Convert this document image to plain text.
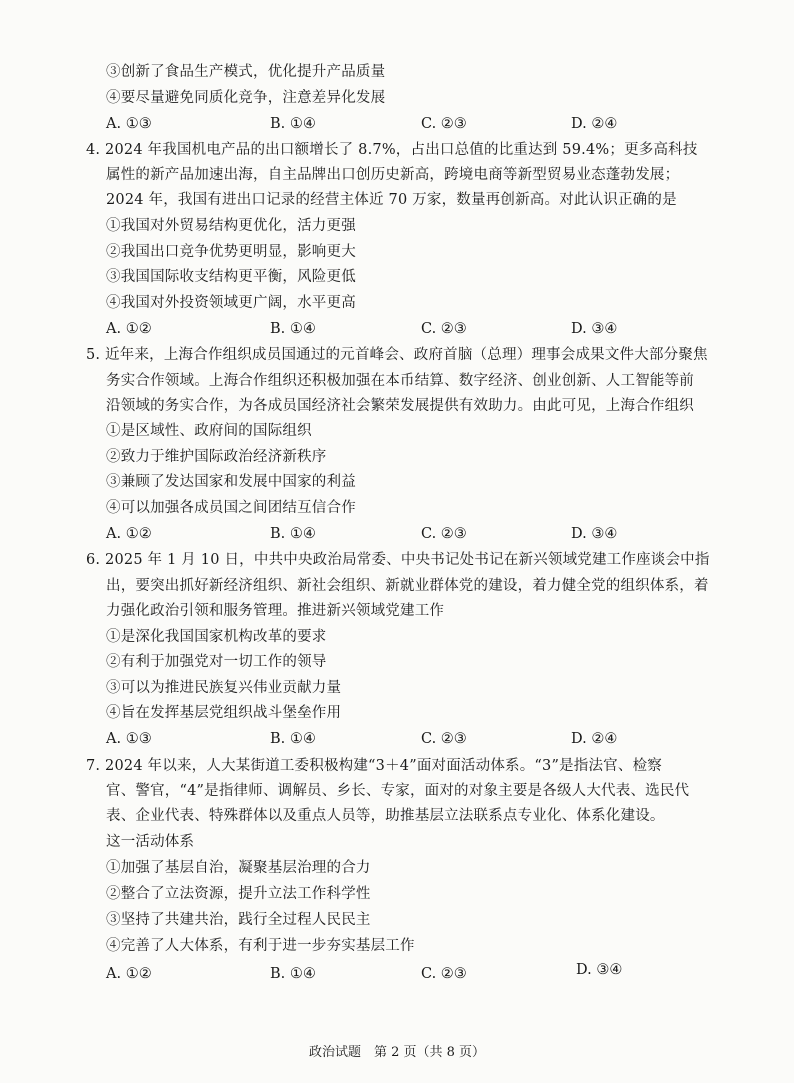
③创新了食品生产模式，优化提升产品质量
④要尽量避免同质化竞争，注意差异化发展
A. ①③	B. ①④	C. ②③	D. ②④
4. 2024 年我国机电产品的出口额增长了 8.7%，占出口总值的比重达到 59.4%；更多高科技
属性的新产品加速出海，自主品牌出口创历史新高，跨境电商等新型贸易业态蓬勃发展；
2024 年，我国有进出口记录的经营主体近 70 万家，数量再创新高。对此认识正确的是
①我国对外贸易结构更优化，活力更强
②我国出口竞争优势更明显，影响更大
③我国国际收支结构更平衡，风险更低
④我国对外投资领域更广阔，水平更高
A. ①②	B. ①④	C. ②③	D. ③④
5. 近年来，上海合作组织成员国通过的元首峰会、政府首脑（总理）理事会成果文件大部分聚焦
务实合作领域。上海合作组织还积极加强在本币结算、数字经济、创业创新、人工智能等前
沿领域的务实合作，为各成员国经济社会繁荣发展提供有效助力。由此可见，上海合作组织
①是区域性、政府间的国际组织
②致力于维护国际政治经济新秩序
③兼顾了发达国家和发展中国家的利益
④可以加强各成员国之间团结互信合作
A. ①②	B. ①④	C. ②③	D. ③④
6. 2025 年 1 月 10 日，中共中央政治局常委、中央书记处书记在新兴领域党建工作座谈会中指
出，要突出抓好新经济组织、新社会组织、新就业群体党的建设，着力健全党的组织体系，着
力强化政治引领和服务管理。推进新兴领域党建工作
①是深化我国国家机构改革的要求
②有利于加强党对一切工作的领导
③可以为推进民族复兴伟业贡献力量
④旨在发挥基层党组织战斗堡垒作用
A. ①③	B. ①④	C. ②③	D. ②④
7. 2024 年以来，人大某街道工委积极构建“3＋4”面对面活动体系。“3”是指法官、检察
官、警官，“4”是指律师、调解员、乡长、专家，面对的对象主要是各级人大代表、选民代
表、企业代表、特殊群体以及重点人员等，助推基层立法联系点专业化、体系化建设。
这一活动体系
①加强了基层自治，凝聚基层治理的合力
②整合了立法资源，提升立法工作科学性
③坚持了共建共治，践行全过程人民民主
④完善了人大体系，有利于进一步夯实基层工作
A. ①②	B. ①④	C. ②③	D. ③④
政治试题　第 2 页（共 8 页）
